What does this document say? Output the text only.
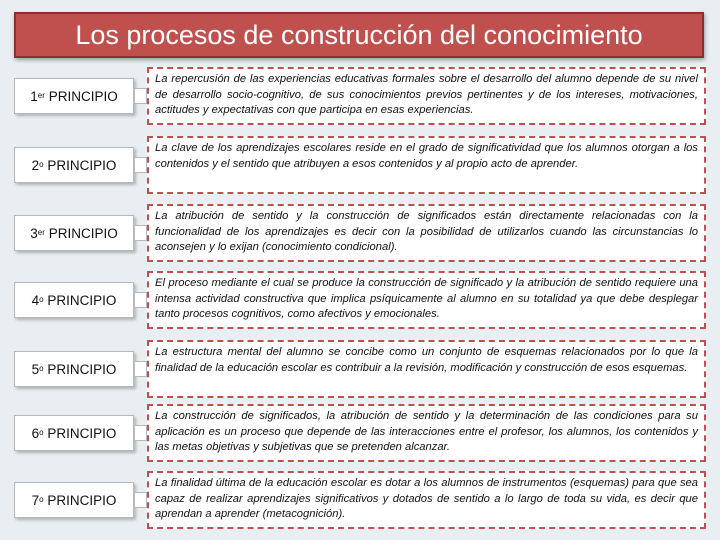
Los procesos de construcción del conocimiento
1er
PRINCIPIO
La repercusión de las experiencias educativas formales sobre el desarrollo del alumno depende de su nivel de desarrollo socio-cognitivo, de sus conocimientos previos pertinentes y de los intereses, motivaciones, actitudes y expectativas con que participa en esas experiencias.
2$^o$
PRINCIPIO
La clave de los aprendizajes escolares reside en el grado de significatividad que los alumnos otorgan a los contenidos y el sentido que atribuyen a esos contenidos y al propio acto de aprender.
3er
PRINCIPIO
La atribución de sentido y la construcción de significados están directamente relacionadas con la funcionalidad de los aprendizajes es decir con la posibilidad de utilizarlos cuando las circunstancias lo aconsejen y lo exijan (conocimiento condicional).
4$^o$
PRINCIPIO
El proceso mediante el cual se produce la construcción de significado y la atribución de sentido requiere una intensa actividad constructiva que implica psíquicamente al alumno en su totalidad ya que debe desplegar tanto procesos cognitivos, como afectivos y emocionales.
5$^o$
PRINCIPIO
La estructura mental del alumno se concibe como un conjunto de esquemas relacionados por lo que la finalidad de la educación escolar es contribuir a la revisión, modificación y construcción de esos esquemas.
6$^o$
PRINCIPIO
La construcción de significados, la atribución de sentido y la determinación de las condiciones para su aplicación es un proceso que depende de las interacciones entre el profesor, los alumnos, los contenidos y las metas objetivas y subjetivas que se pretenden alcanzar.
7$^o$
PRINCIPIO
La finalidad última de la educación escolar es dotar a los alumnos de instrumentos (esquemas) para que sea capaz de realizar aprendizajes significativos y dotados de sentido a lo largo de toda su vida, es decir que aprendan a aprender (metacognición).
